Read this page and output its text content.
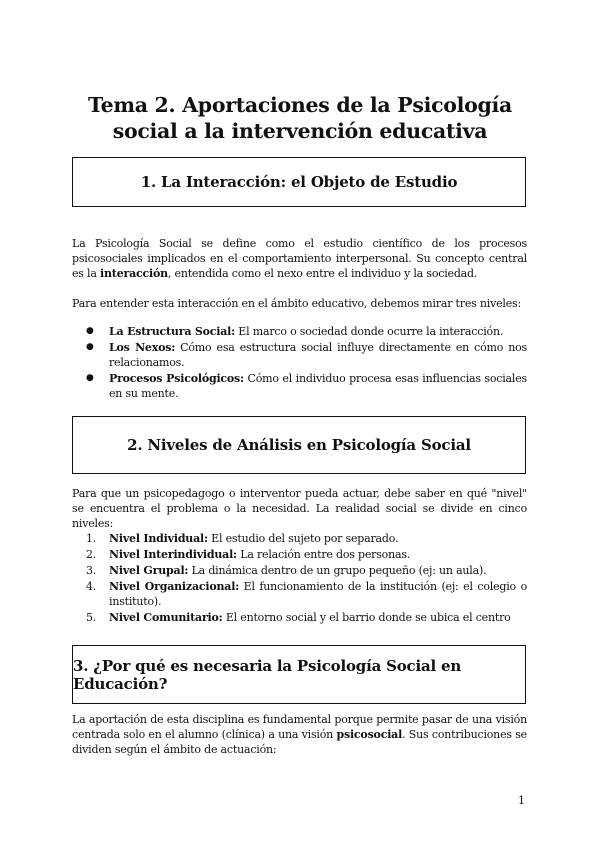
Tema 2. Aportaciones de la Psicología social a la intervención educativa
1. La Interacción: el Objeto de Estudio
La Psicología Social se define como el estudio científico de los procesos psicosociales implicados en el comportamiento interpersonal. Su concepto central es la interacción, entendida como el nexo entre el individuo y la sociedad.
Para entender esta interacción en el ámbito educativo, debemos mirar tres niveles:
● La Estructura Social: El marco o sociedad donde ocurre la interacción.
● Los Nexos: Cómo esa estructura social influye directamente en cómo nos relacionamos.
● Procesos Psicológicos: Cómo el individuo procesa esas influencias sociales en su mente.
2. Niveles de Análisis en Psicología Social
Para que un psicopedagogo o interventor pueda actuar, debe saber en qué "nivel" se encuentra el problema o la necesidad. La realidad social se divide en cinco niveles:
1. Nivel Individual: El estudio del sujeto por separado.
2. Nivel Interindividual: La relación entre dos personas.
3. Nivel Grupal: La dinámica dentro de un grupo pequeño (ej: un aula).
4. Nivel Organizacional: El funcionamiento de la institución (ej: el colegio o instituto).
5. Nivel Comunitario: El entorno social y el barrio donde se ubica el centro
3. ¿Por qué es necesaria la Psicología Social en Educación?
La aportación de esta disciplina es fundamental porque permite pasar de una visión centrada solo en el alumno (clínica) a una visión psicosocial. Sus contribuciones se dividen según el ámbito de actuación:
1
